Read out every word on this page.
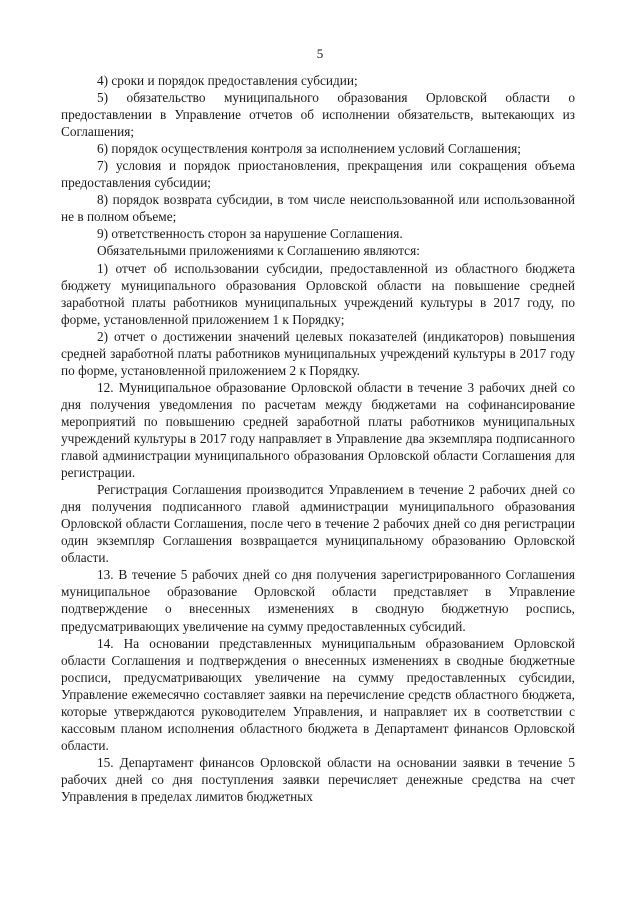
5

4) сроки и порядок предоставления субсидии;

5) обязательство муниципального образования Орловской области о предоставлении в Управление отчетов об исполнении обязательств, вытекающих из Соглашения;

6) порядок осуществления контроля за исполнением условий Соглашения;

7) условия и порядок приостановления, прекращения или сокращения объема предоставления субсидии;

8) порядок возврата субсидии, в том числе неиспользованной или использованной не в полном объеме;

9) ответственность сторон за нарушение Соглашения.

Обязательными приложениями к Соглашению являются:

1) отчет об использовании субсидии, предоставленной из областного бюджета бюджету муниципального образования Орловской области на повышение средней заработной платы работников муниципальных учреждений культуры в 2017 году, по форме, установленной приложением 1 к Порядку;

2) отчет о достижении значений целевых показателей (индикаторов) повышения средней заработной платы работников муниципальных учреждений культуры в 2017 году по форме, установленной приложением 2 к Порядку.

12. Муниципальное образование Орловской области в течение 3 рабочих дней со дня получения уведомления по расчетам между бюджетами на софинансирование мероприятий по повышению средней заработной платы работников муниципальных учреждений культуры в 2017 году направляет в Управление два экземпляра подписанного главой администрации муниципального образования Орловской области Соглашения для регистрации.

Регистрация Соглашения производится Управлением в течение 2 рабочих дней со дня получения подписанного главой администрации муниципального образования Орловской области Соглашения, после чего в течение 2 рабочих дней со дня регистрации один экземпляр Соглашения возвращается муниципальному образованию Орловской области.

13. В течение 5 рабочих дней со дня получения зарегистрированного Соглашения муниципальное образование Орловской области представляет в Управление подтверждение о внесенных изменениях в сводную бюджетную роспись, предусматривающих увеличение на сумму предоставленных субсидий.

14. На основании представленных муниципальным образованием Орловской области Соглашения и подтверждения о внесенных изменениях в сводные бюджетные росписи, предусматривающих увеличение на сумму предоставленных субсидии, Управление ежемесячно составляет заявки на перечисление средств областного бюджета, которые утверждаются руководителем Управления, и направляет их в соответствии с кассовым планом исполнения областного бюджета в Департамент финансов Орловской области.

15. Департамент финансов Орловской области на основании заявки в течение 5 рабочих дней со дня поступления заявки перечисляет денежные средства на счет Управления в пределах лимитов бюджетных
